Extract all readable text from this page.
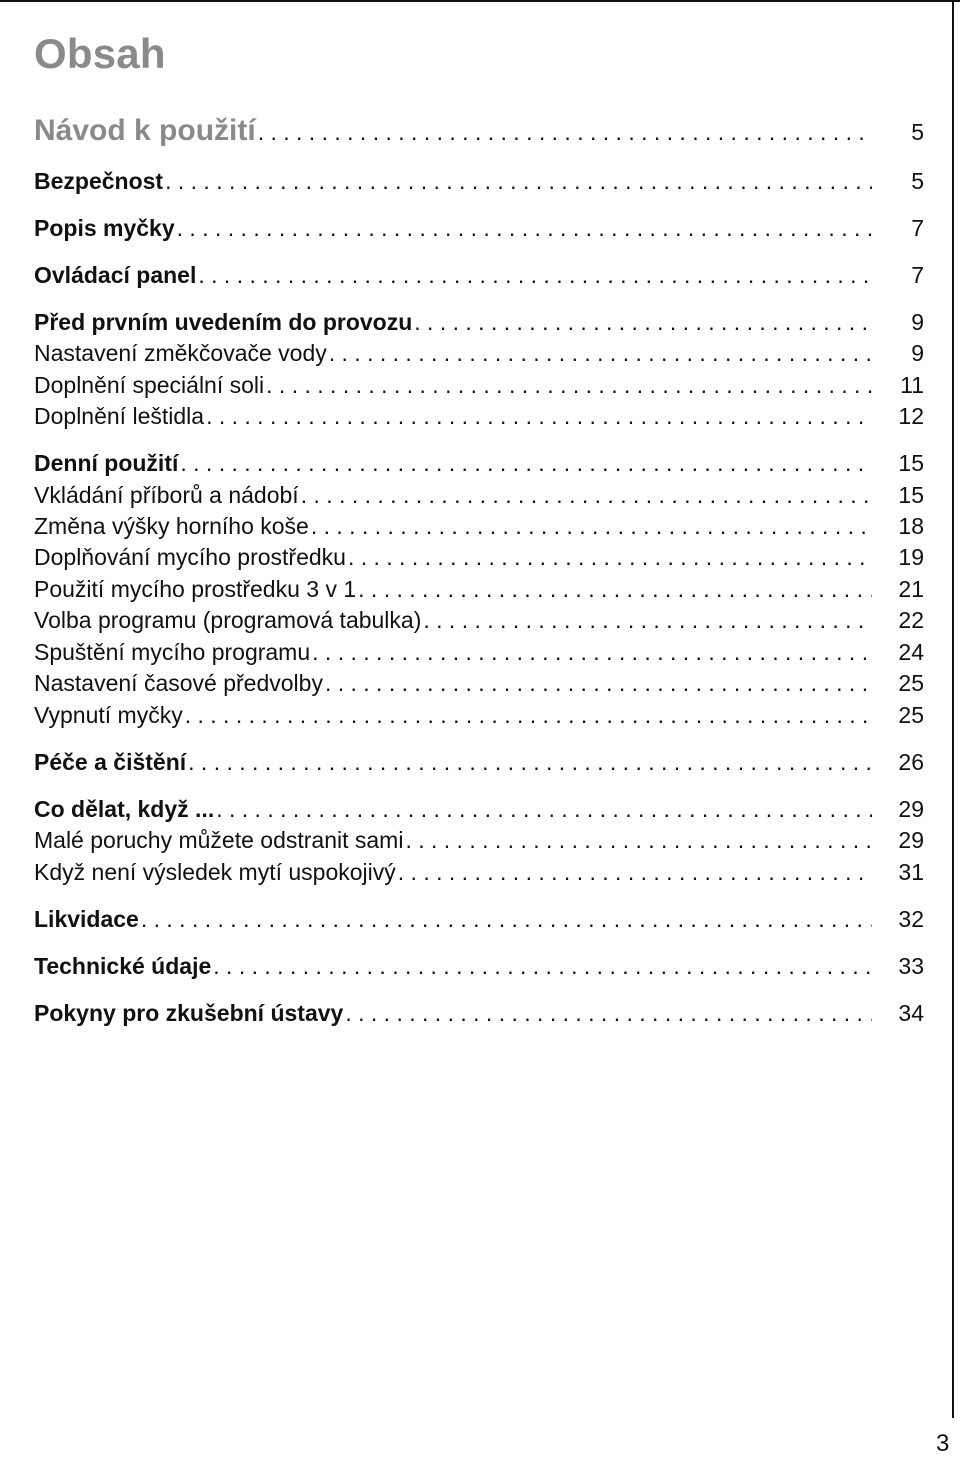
Obsah
Návod k použití . . .	5
Bezpečnost . . .	5
Popis myčky . . .	7
Ovládací panel . . .	7
Před prvním uvedením do provozu . . .	9
Nastavení změkčovače vody . . .	9
Doplnění speciální soli . . .	11
Doplnění leštidla . . .	12
Denní použití . . .	15
Vkládání příborů a nádobí . . .	15
Změna výšky horního koše . . .	18
Doplňování mycího prostředku . . .	19
Použití mycího prostředku 3 v 1 . . .	21
Volba programu (programová tabulka) . . .	22
Spuštění mycího programu . . .	24
Nastavení časové předvolby . . .	25
Vypnutí myčky . . .	25
Péče a čištění . . .	26
Co dělat, když ... . . .	29
Malé poruchy můžete odstranit sami . . .	29
Když není výsledek mytí uspokojivý . . .	31
Likvidace . . .	32
Technické údaje . . .	33
Pokyny pro zkušební ústavy . . .	34
3
